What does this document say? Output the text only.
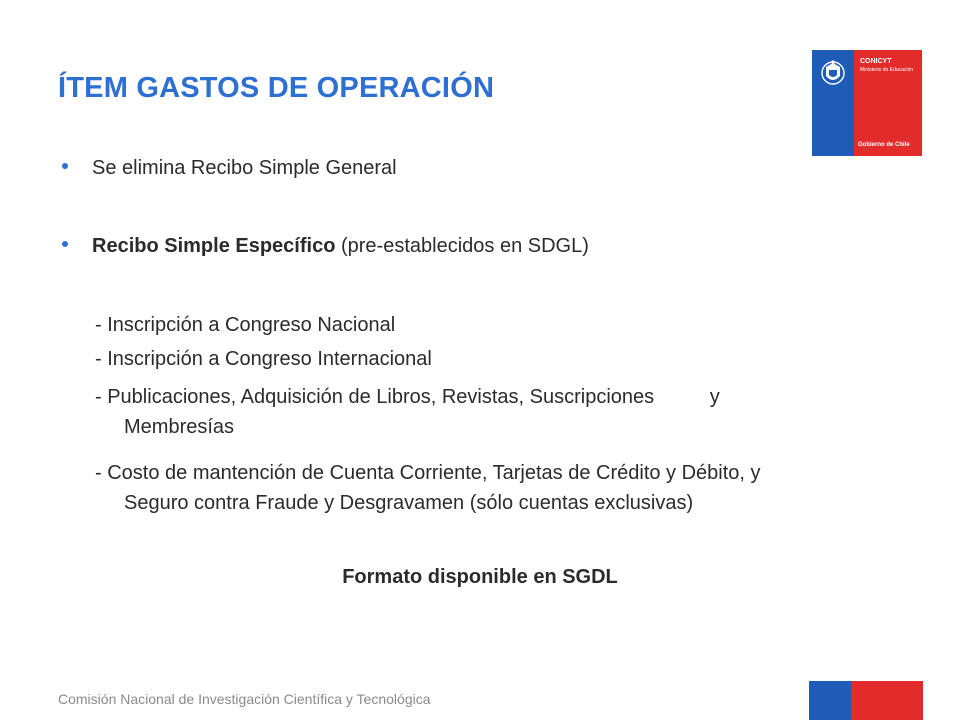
ÍTEM GASTOS DE OPERACIÓN
CONICYT
Ministerio de Educación
Gobierno de Chile
Se elimina Recibo Simple General
Recibo Simple Específico (pre-establecidos en SDGL)
- Inscripción a Congreso Nacional
- Inscripción a Congreso Internacional
- Publicaciones, Adquisición de Libros, Revistas, Suscripciones          y
Membresías
- Costo de mantención de Cuenta Corriente, Tarjetas de Crédito y Débito, y
Seguro contra Fraude y Desgravamen (sólo cuentas exclusivas)
Formato disponible en SGDL
Comisión Nacional de Investigación Científica y Tecnológica
